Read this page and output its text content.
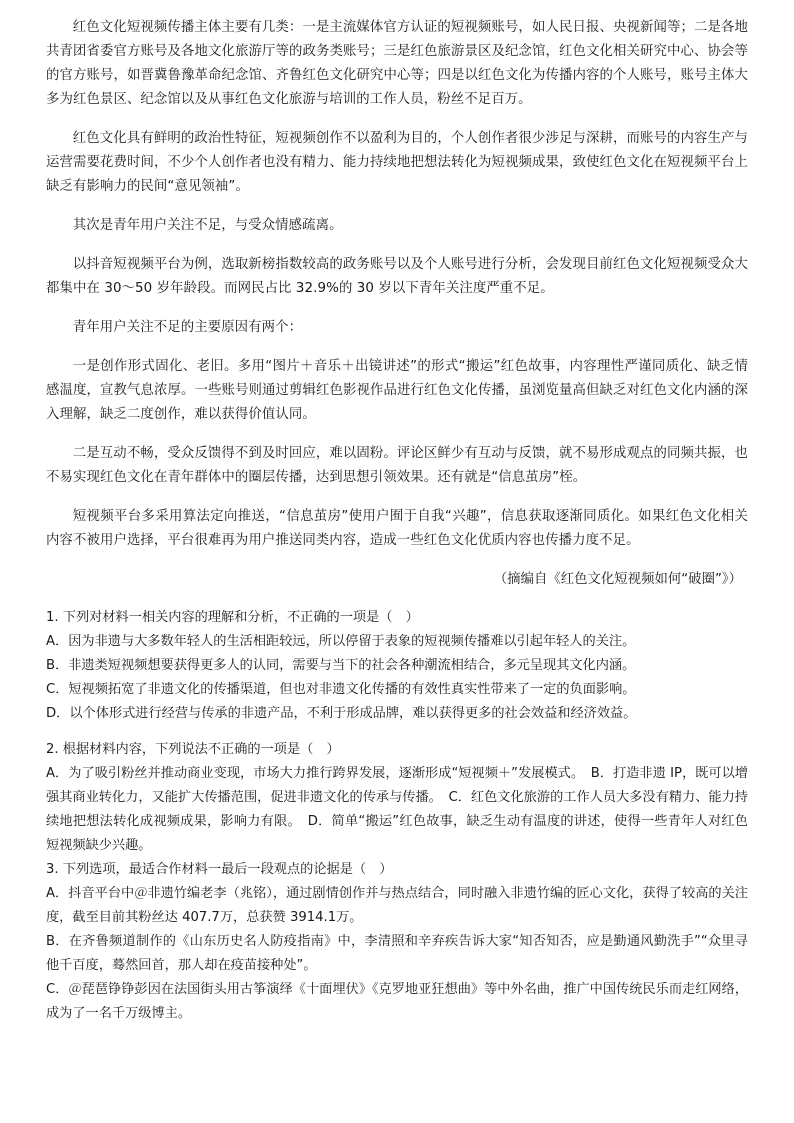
红色文化短视频传播主体主要有几类：一是主流媒体官方认证的短视频账号，如人民日报、央视新闻等；二是各地共青团省委官方账号及各地文化旅游厅等的政务类账号；三是红色旅游景区及纪念馆，红色文化相关研究中心、协会等的官方账号，如晋冀鲁豫革命纪念馆、齐鲁红色文化研究中心等；四是以红色文化为传播内容的个人账号，账号主体大多为红色景区、纪念馆以及从事红色文化旅游与培训的工作人员，粉丝不足百万。

红色文化具有鲜明的政治性特征，短视频创作不以盈利为目的，个人创作者很少涉足与深耕，而账号的内容生产与运营需要花费时间，不少个人创作者也没有精力、能力持续地把想法转化为短视频成果，致使红色文化在短视频平台上缺乏有影响力的民间“意见领袖”。

其次是青年用户关注不足，与受众情感疏离。

以抖音短视频平台为例，选取新榜指数较高的政务账号以及个人账号进行分析，会发现目前红色文化短视频受众大都集中在 30～50 岁年龄段。而网民占比 32.9%的 30 岁以下青年关注度严重不足。

青年用户关注不足的主要原因有两个：

一是创作形式固化、老旧。多用“图片＋音乐＋出镜讲述”的形式“搬运”红色故事，内容理性严谨同质化、缺乏情感温度，宣教气息浓厚。一些账号则通过剪辑红色影视作品进行红色文化传播，虽浏览量高但缺乏对红色文化内涵的深入理解，缺乏二度创作，难以获得价值认同。

二是互动不畅，受众反馈得不到及时回应，难以固粉。评论区鲜少有互动与反馈，就不易形成观点的同频共振，也不易实现红色文化在青年群体中的圈层传播，达到思想引领效果。还有就是“信息茧房”桎。

短视频平台多采用算法定向推送，“信息茧房”使用户囿于自我“兴趣”，信息获取逐渐同质化。如果红色文化相关内容不被用户选择，平台很难再为用户推送同类内容，造成一些红色文化优质内容也传播力度不足。

（摘编自《红色文化短视频如何“破圈”》）

1. 下列对材料一相关内容的理解和分析，不正确的一项是（　）

A．因为非遗与大多数年轻人的生活相距较远，所以停留于表象的短视频传播难以引起年轻人的关注。

B．非遗类短视频想要获得更多人的认同，需要与当下的社会各种潮流相结合，多元呈现其文化内涵。

C．短视频拓宽了非遗文化的传播渠道，但也对非遗文化传播的有效性真实性带来了一定的负面影响。

D．以个体形式进行经营与传承的非遗产品，不利于形成品牌，难以获得更多的社会效益和经济效益。

2. 根据材料内容，下列说法不正确的一项是（　）

A．为了吸引粉丝并推动商业变现，市场大力推行跨界发展，逐渐形成“短视频＋”发展模式。　B．打造非遗 IP，既可以增强其商业转化力，又能扩大传播范围，促进非遗文化的传承与传播。　C．红色文化旅游的工作人员大多没有精力、能力持续地把想法转化成视频成果，影响力有限。　D．简单“搬运”红色故事，缺乏生动有温度的讲述，使得一些青年人对红色短视频缺少兴趣。

3. 下列选项，最适合作材料一最后一段观点的论据是（　）

A．抖音平台中＠非遗竹编老李（兆铭），通过剧情创作并与热点结合，同时融入非遗竹编的匠心文化，获得了较高的关注度，截至目前其粉丝达 407.7万，总获赞 3914.1万。

B．在齐鲁频道制作的《山东历史名人防疫指南》中，李清照和辛弃疾告诉大家“知否知否，应是勤通风勤洗手”“众里寻他千百度，蓦然回首，那人却在疫苗接种处”。

C．＠琵琶铮铮彭因在法国街头用古筝演绎《十面埋伏》《克罗地亚狂想曲》等中外名曲，推广中国传统民乐而走红网络，成为了一名千万级博主。
